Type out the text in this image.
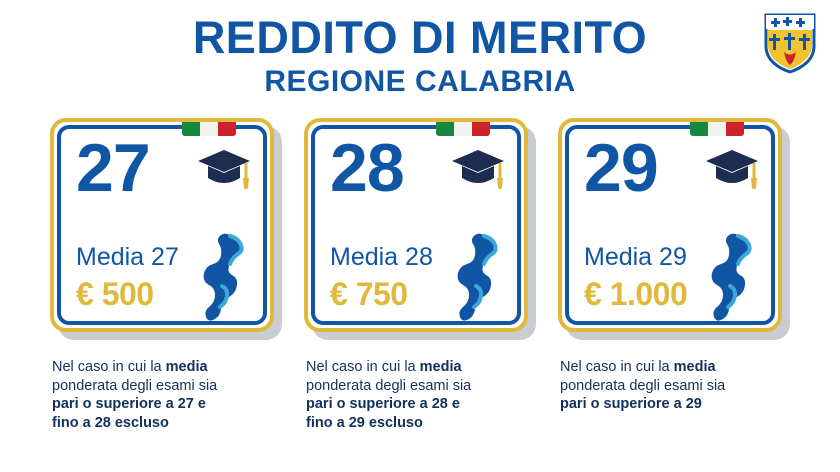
REDDITO DI MERITO
REGIONE CALABRIA
27
Media 27
€ 500
28
Media 28
€ 750
29
Media 29
€ 1.000
Nel caso in cui la media
ponderata degli esami sia
pari o superiore a 27 e
fino a 28 escluso
Nel caso in cui la media
ponderata degli esami sia
pari o superiore a 28 e
fino a 29 escluso
Nel caso in cui la media
ponderata degli esami sia
pari o superiore a 29
